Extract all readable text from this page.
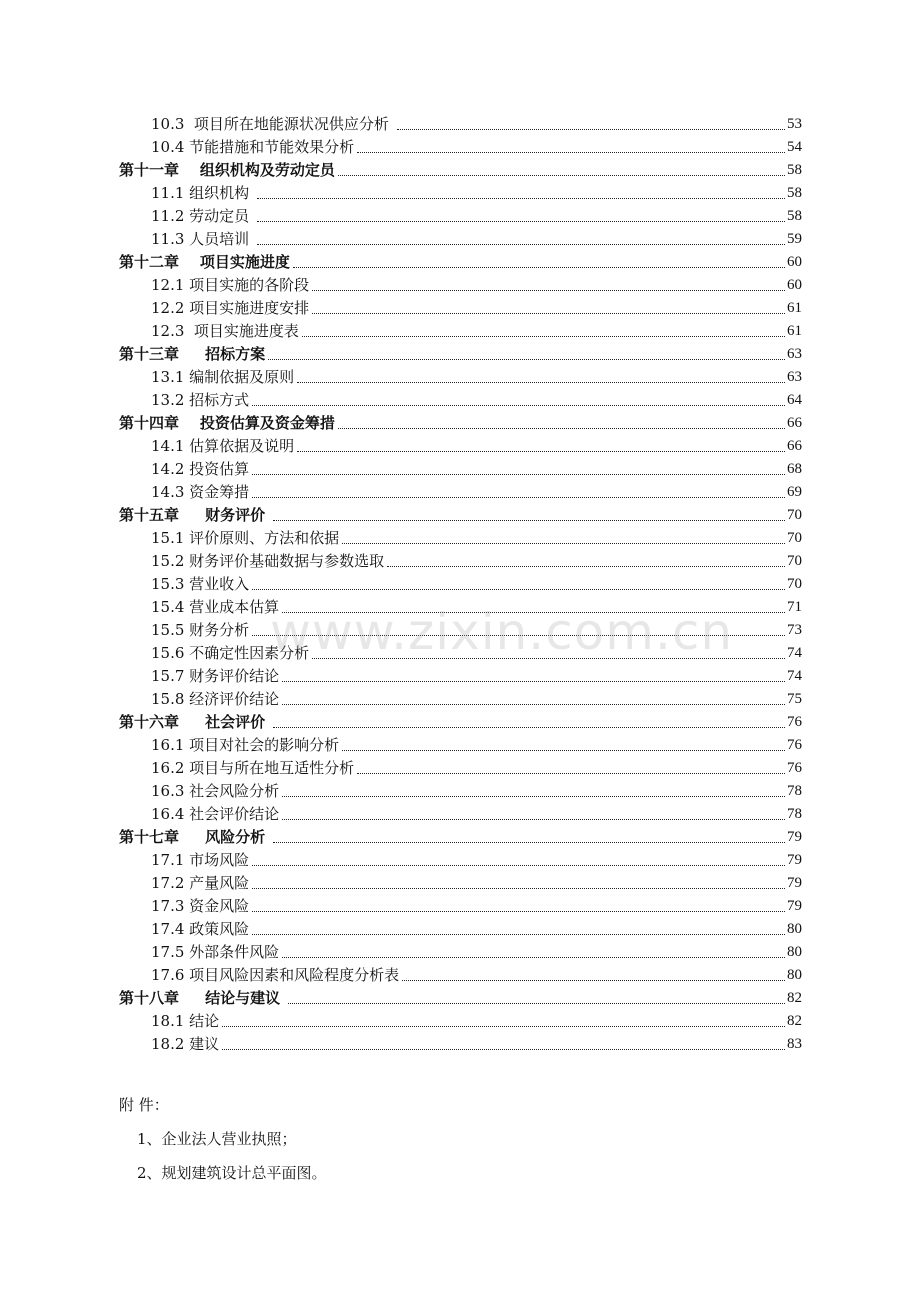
10.3  项目所在地能源状况供应分析	53
10.4 节能措施和节能效果分析	54
第十一章    组织机构及劳动定员	58
11.1 组织机构	58
11.2 劳动定员	58
11.3 人员培训	59
第十二章    项目实施进度	60
12.1 项目实施的各阶段	60
12.2 项目实施进度安排	61
12.3  项目实施进度表	61
第十三章     招标方案	63
13.1 编制依据及原则	63
13.2 招标方式	64
第十四章    投资估算及资金筹措	66
14.1 估算依据及说明	66
14.2 投资估算	68
14.3 资金筹措	69
第十五章     财务评价	70
15.1 评价原则、方法和依据	70
15.2 财务评价基础数据与参数选取	70
15.3 营业收入	70
15.4 营业成本估算	71
15.5 财务分析	73
15.6 不确定性因素分析	74
15.7 财务评价结论	74
15.8 经济评价结论	75
第十六章     社会评价	76
16.1 项目对社会的影响分析	76
16.2 项目与所在地互适性分析	76
16.3 社会风险分析	78
16.4 社会评价结论	78
第十七章     风险分析	79
17.1 市场风险	79
17.2 产量风险	79
17.3 资金风险	79
17.4 政策风险	80
17.5 外部条件风险	80
17.6 项目风险因素和风险程度分析表	80
第十八章     结论与建议	82
18.1 结论	82
18.2 建议	83
附 件：
1、企业法人营业执照；
2、规划建筑设计总平面图。
www.zixin.com.cn
